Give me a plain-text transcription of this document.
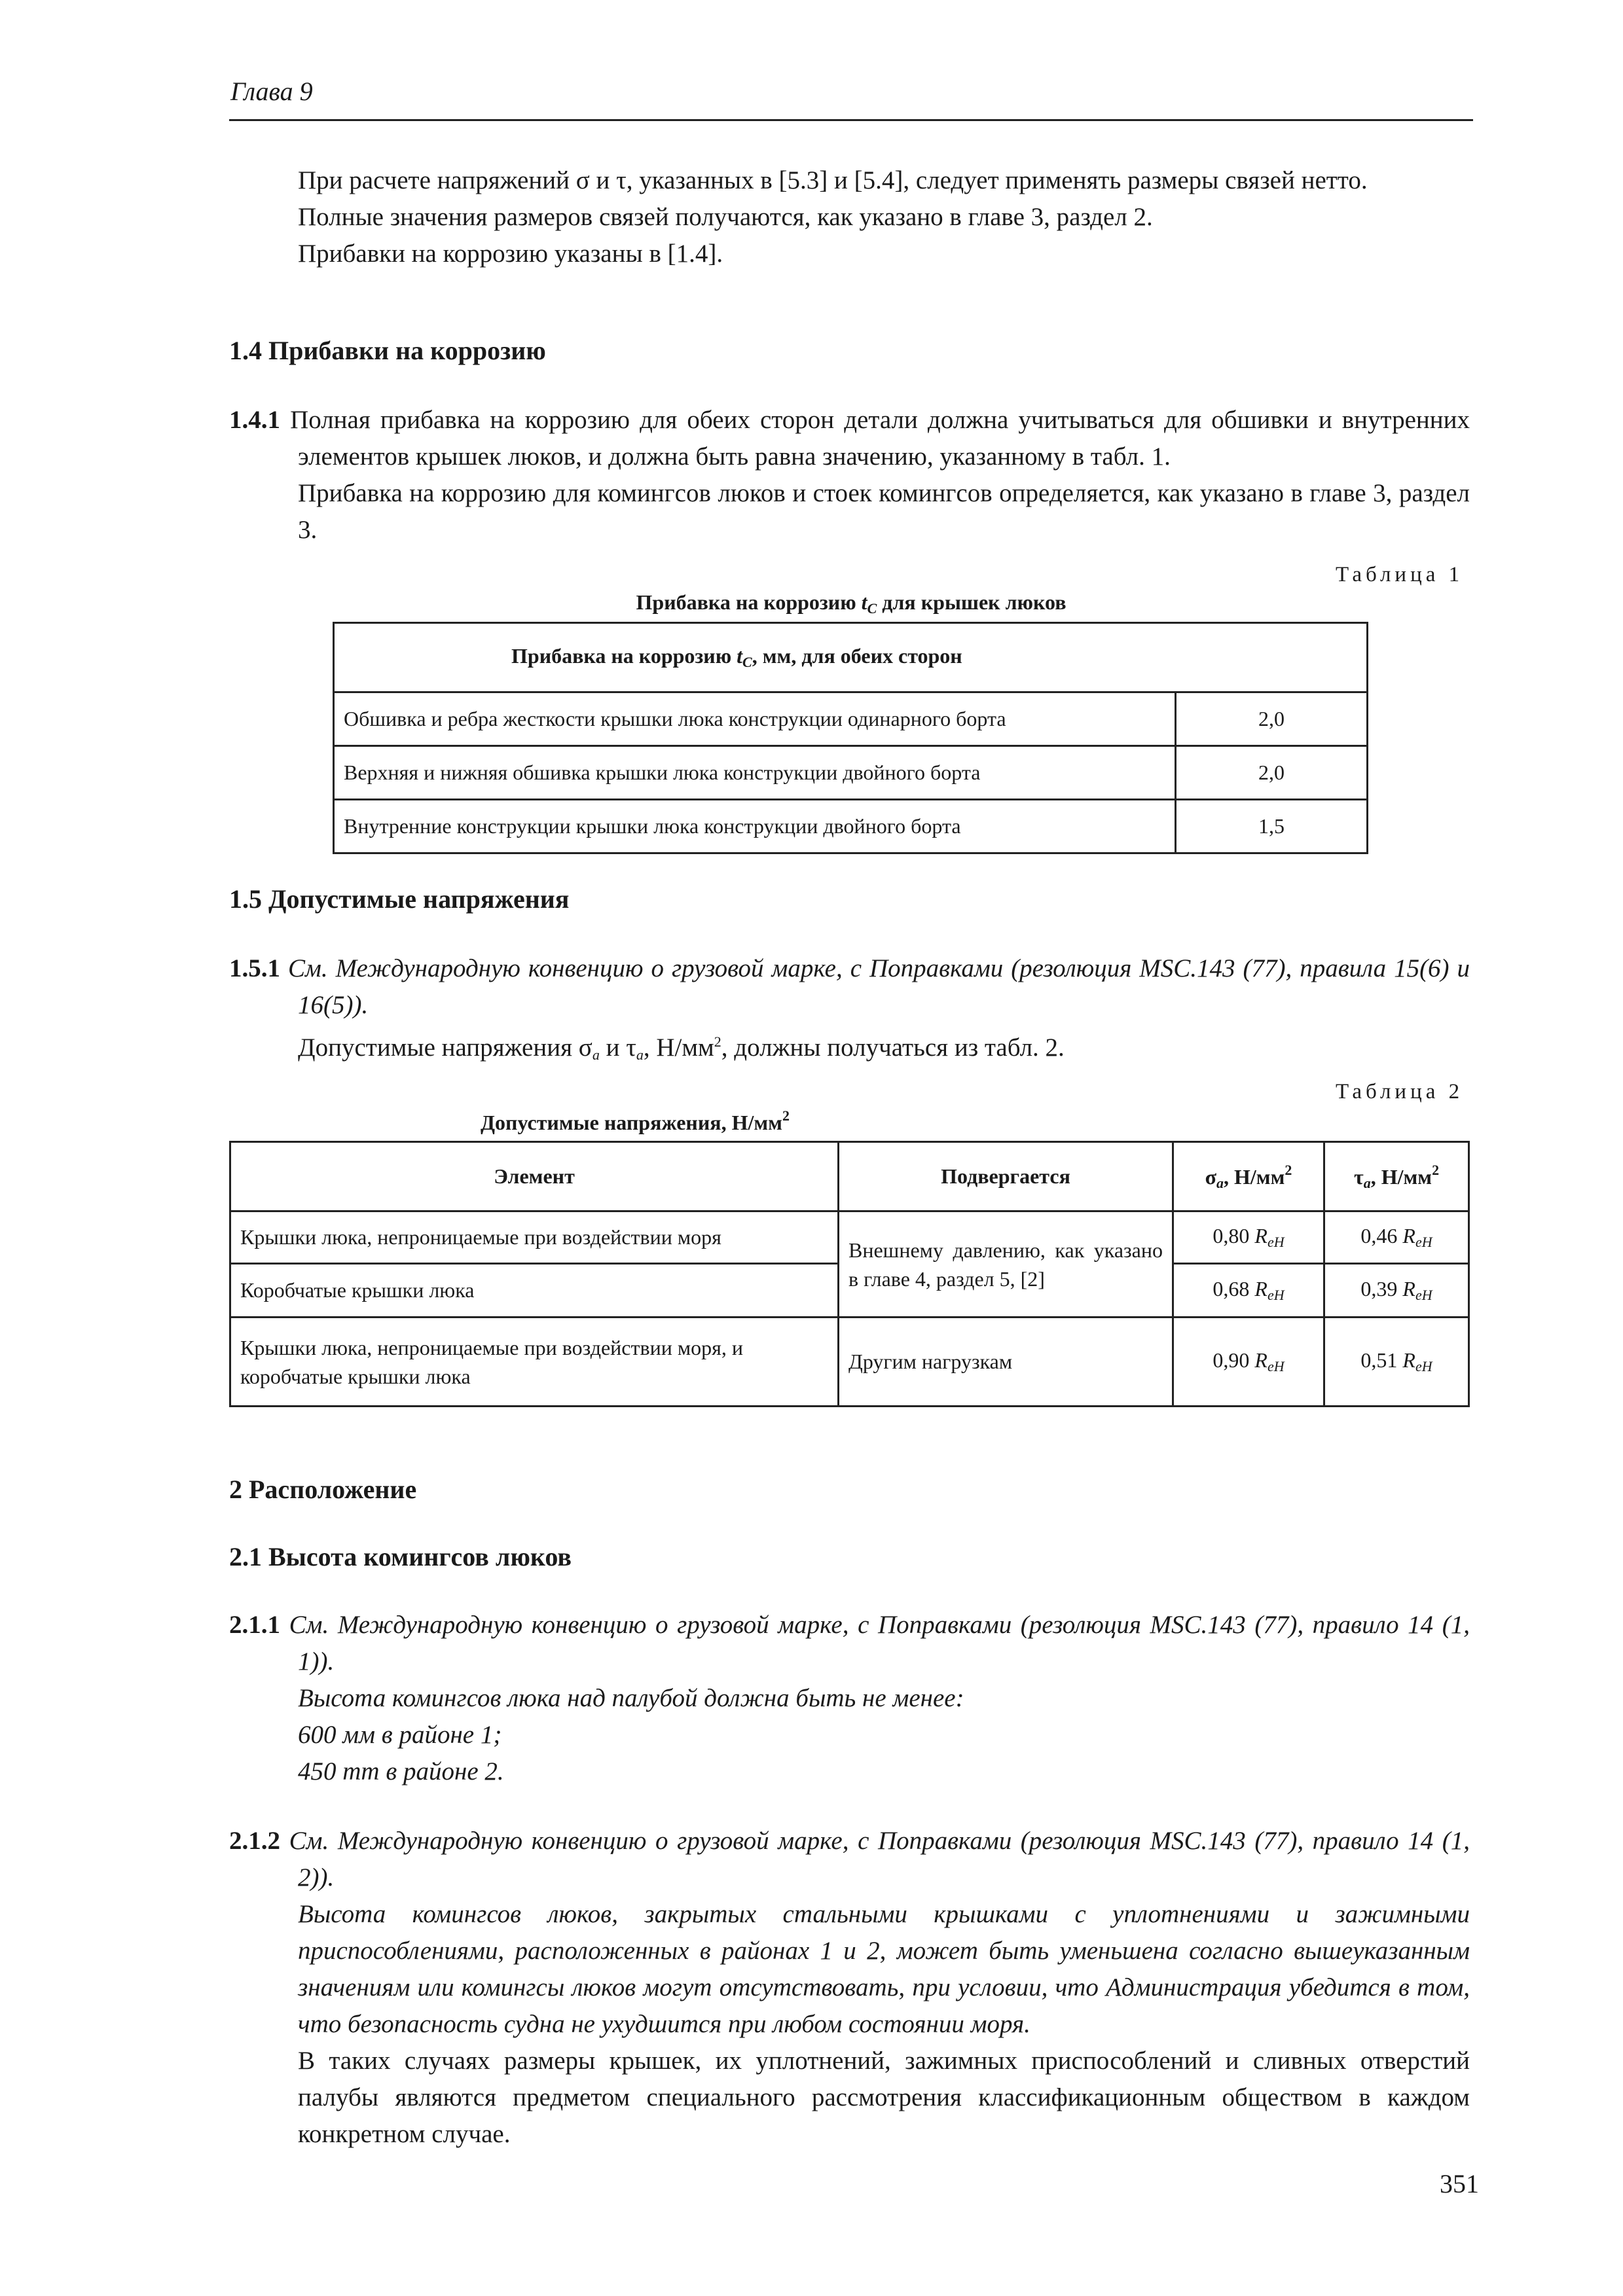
Глава 9

При расчете напряжений σ и τ, указанных в [5.3] и [5.4], следует применять размеры связей нетто.

Полные значения размеров связей получаются, как указано в главе 3, раздел 2.

Прибавки на коррозию указаны в [1.4].

1.4 Прибавки на коррозию

1.4.1 Полная прибавка на коррозию для обеих сторон детали должна учитываться для обшивки и внутренних элементов крышек люков, и должна быть равна значению, указанному в табл. 1.

Прибавка на коррозию для комингсов люков и стоек комингсов определяется, как указано в главе 3, раздел 3.

Таблица 1
Прибавка на коррозию $t_C$ для крышек люков
Прибавка на коррозию $t_C$, мм, для обеих сторон	
Обшивка и ребра жесткости крышки люка конструкции одинарного борта	2,0
Верхняя и нижняя обшивка крышки люка конструкции двойного борта	2,0
Внутренние конструкции крышки люка конструкции двойного борта	1,5
1.5 Допустимые напряжения

1.5.1 См. Международную конвенцию о грузовой марке, с Поправками (резолюция MSC.143 (77), правила 15(6) и 16(5)).

Допустимые напряжения $\sigma_a$ и $\tau_a$, $Н/мм^2$, должны получаться из табл. 2.

Таблица 2
Допустимые напряжения, $Н/мм^2$
Элемент	Подвергается	$\sigma_a$, $Н/мм^2$	$\tau_a$, $Н/мм^2$
Крышки люка, непроницаемые при воздействии моря	Внешнему давлению, как указано в главе 4, раздел 5, [2]	0,80 $R_{eH}$	0,46 $R_{eH}$
Коробчатые крышки люка		0,68 $R_{eH}$	0,39 $R_{eH}$
Крышки люка, непроницаемые при воздействии моря, и коробчатые крышки люка	Другим нагрузкам	0,90 $R_{eH}$	0,51 $R_{eH}$
2 Расположение
2.1 Высота комингсов люков

2.1.1 См. Международную конвенцию о грузовой марке, с Поправками (резолюция MSC.143 (77), правило 14 (1, 1)).

Высота комингсов люка над палубой должна быть не менее:

600 мм в районе 1;

450 mm в районе 2.

2.1.2 См. Международную конвенцию о грузовой марке, с Поправками (резолюция MSC.143 (77), правило 14 (1, 2)).

Высота комингсов люков, закрытых стальными крышками с уплотнениями и зажимными приспособлениями, расположенных в районах 1 и 2, может быть уменьшена согласно вышеуказанным значениям или комингсы люков могут отсутствовать, при условии, что Администрация убедится в том, что безопасность судна не ухудшится при любом состоянии моря.

В таких случаях размеры крышек, их уплотнений, зажимных приспособлений и сливных отверстий палубы являются предметом специального рассмотрения классификационным обществом в каждом конкретном случае.

351
